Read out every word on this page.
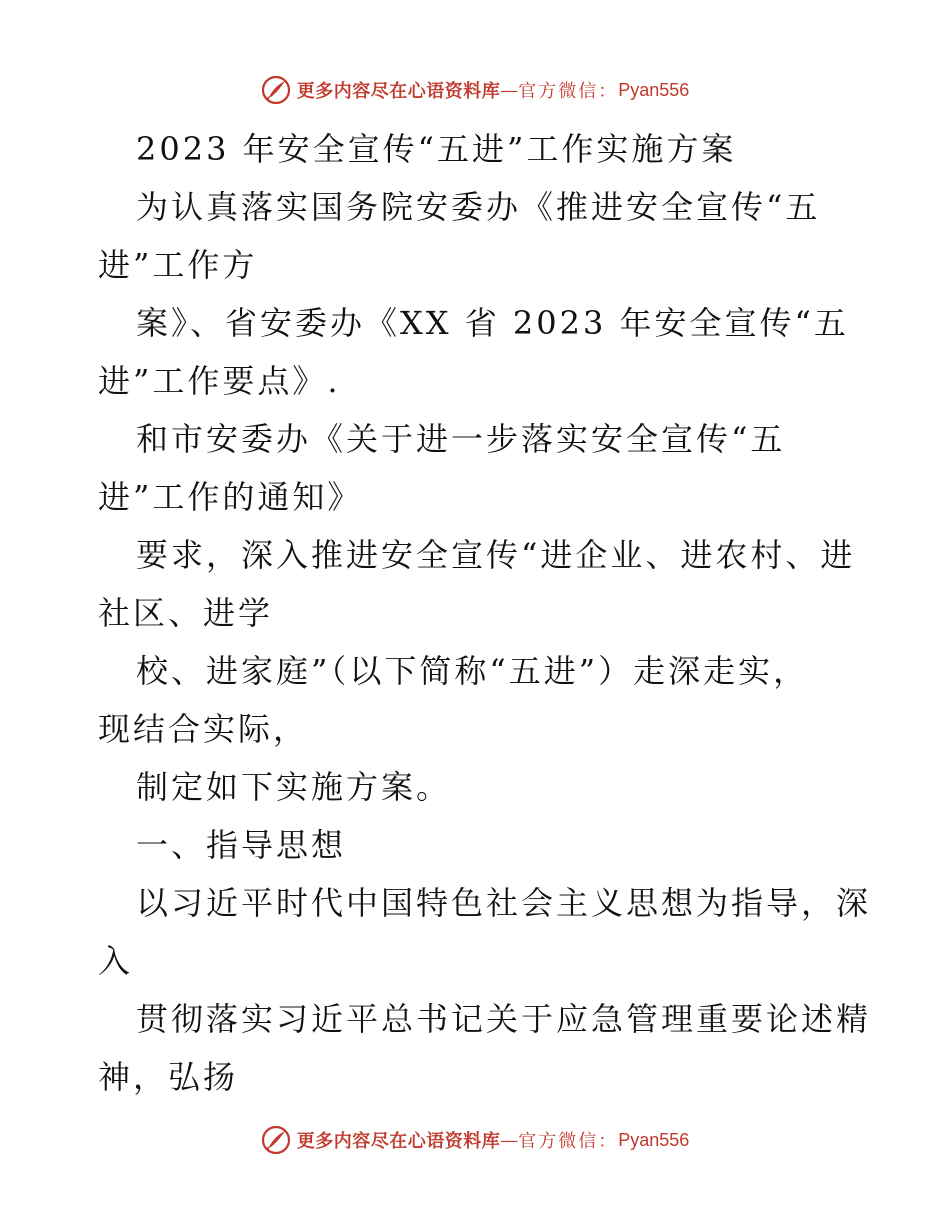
更多内容尽在心语资料库 — 官方微信： Pyan556
2023 年安全宣传“五进”工作实施方案
为认真落实国务院安委办《推进安全宣传“五
进”工作方
案》、省安委办《XX 省 2023 年安全宣传“五
进”工作要点》.
和市安委办《关于进一步落实安全宣传“五
进”工作的通知》
要求，深入推进安全宣传“进企业、进农村、进
社区、进学
校、进家庭”（以下简称“五进”）走深走实，
现结合实际，
制定如下实施方案。
一、指导思想
以习近平时代中国特色社会主义思想为指导，深
入
贯彻落实习近平总书记关于应急管理重要论述精
神，弘扬
更多内容尽在心语资料库 — 官方微信： Pyan556
